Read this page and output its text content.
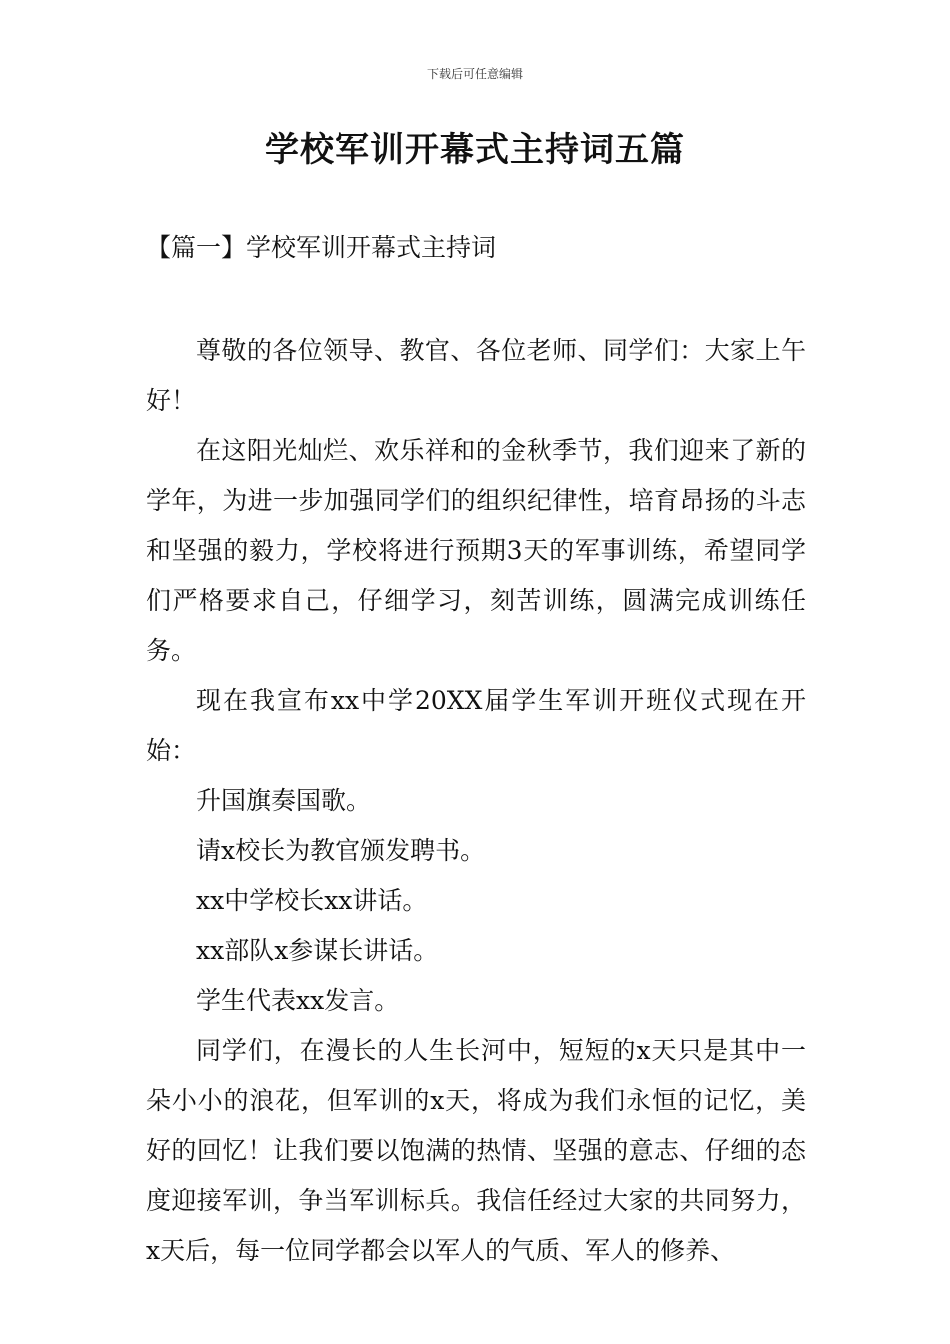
下载后可任意编辑
学校军训开幕式主持词五篇
【篇一】学校军训开幕式主持词

尊敬的各位领导、教官、各位老师、同学们：大家上午好！

在这阳光灿烂、欢乐祥和的金秋季节，我们迎来了新的学年，为进一步加强同学们的组织纪律性，培育昂扬的斗志和坚强的毅力，学校将进行预期3天的军事训练，希望同学们严格要求自己，仔细学习，刻苦训练，圆满完成训练任务。

现在我宣布xx中学20XX届学生军训开班仪式现在开始：

升国旗奏国歌。

请x校长为教官颁发聘书。

xx中学校长xx讲话。

xx部队x参谋长讲话。

学生代表xx发言。

同学们，在漫长的人生长河中，短短的x天只是其中一朵小小的浪花，但军训的x天，将成为我们永恒的记忆，美好的回忆！让我们要以饱满的热情、坚强的意志、仔细的态度迎接军训，争当军训标兵。我信任经过大家的共同努力，x天后，每一位同学都会以军人的气质、军人的修养、
